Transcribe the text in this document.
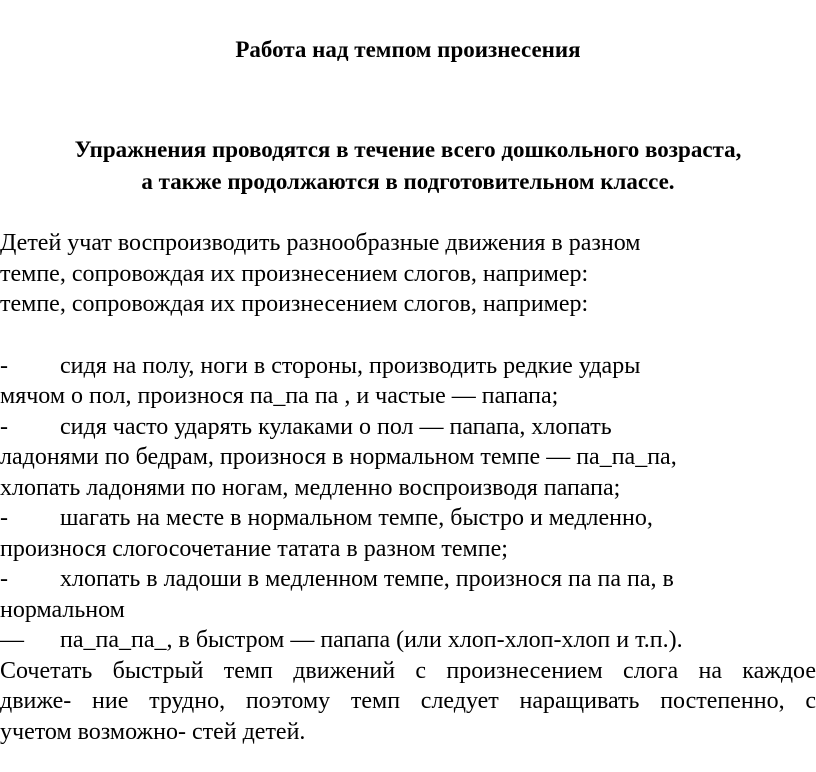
Работа над темпом произнесения
Упражнения проводятся в течение всего дошкольного возраста,
а также продолжаются в подготовительном классе.
Детей учат воспроизводить разнообразные движения в разном
темпе, сопровождая их произнесением слогов, например:
темпе, сопровождая их произнесением слогов, например:
- сидя на полу, ноги в стороны, производить редкие удары
мячом о пол, произнося па_па па , и частые — папапа;
- сидя часто ударять кулаками о пол — папапа, хлопать
ладонями по бедрам, произнося в нормальном темпе — па_па_па,
хлопать ладонями по ногам, медленно воспроизводя папапа;
- шагать на месте в нормальном темпе, быстро и медленно,
произнося слогосочетание татата в разном темпе;
- хлопать в ладоши в медленном темпе, произнося па па па, в
нормальном
— па_па_па_, в быстром — папапа (или хлоп-хлоп-хлоп и т.п.).
Сочетать быстрый темп движений с произнесением слога на каждое
движе- ние трудно, поэтому темп следует наращивать постепенно, с
учетом возможно- стей детей.
